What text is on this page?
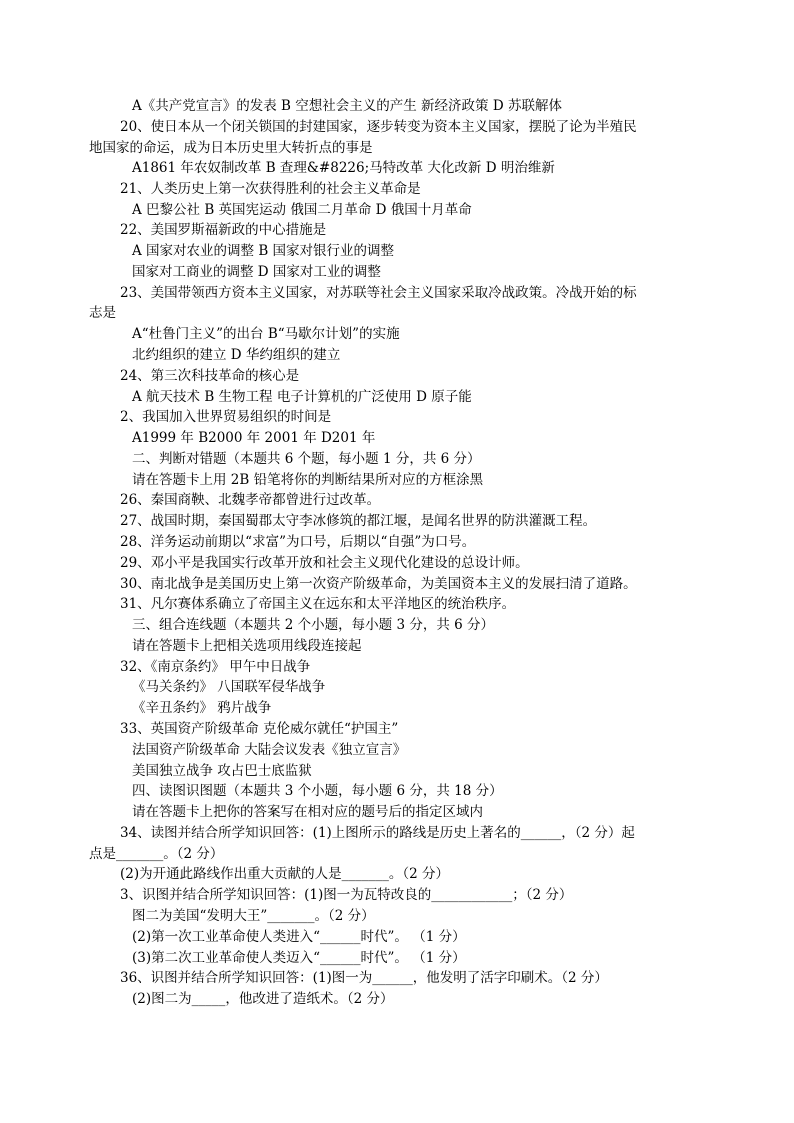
A《共产党宣言》的发表 B 空想社会主义的产生 新经济政策 D 苏联解体
20、使日本从一个闭关锁国的封建国家，逐步转变为资本主义国家，摆脱了论为半殖民
地国家的命运，成为日本历史里大转折点的事是
A1861 年农奴制改革 B 查理&#8226;马特改革 大化改新 D 明治维新
21、人类历史上第一次获得胜利的社会主义革命是
A 巴黎公社 B 英国宪运动 俄国二月革命 D 俄国十月革命
22、美国罗斯福新政的中心措施是
A 国家对农业的调整 B 国家对银行业的调整
国家对工商业的调整 D 国家对工业的调整
23、美国带领西方资本主义国家，对苏联等社会主义国家采取冷战政策。冷战开始的标
志是
A“杜鲁门主义”的出台 B“马歇尔计划”的实施
北约组织的建立 D 华约组织的建立
24、第三次科技革命的核心是
A 航天技术 B 生物工程 电子计算机的广泛使用 D 原子能
2、我国加入世界贸易组织的时间是
A1999 年 B2000 年 2001 年 D201 年
二、判断对错题（本题共 6 个题，每小题 1 分，共 6 分）
请在答题卡上用 2B 铅笔将你的判断结果所对应的方框涂黑
26、秦国商鞅、北魏孝帝都曾进行过改革。
27、战国时期，秦国蜀郡太守李冰修筑的都江堰，是闻名世界的防洪灌溉工程。
28、洋务运动前期以“求富”为口号，后期以“自强”为口号。
29、邓小平是我国实行改革开放和社会主义现代化建设的总设计师。
30、南北战争是美国历史上第一次资产阶级革命，为美国资本主义的发展扫清了道路。
31、凡尔赛体系确立了帝国主义在远东和太平洋地区的统治秩序。
三、组合连线题（本题共 2 个小题，每小题 3 分，共 6 分）
请在答题卡上把相关选项用线段连接起
32、《南京条约》 甲午中日战争
《马关条约》 八国联军侵华战争
《辛丑条约》 鸦片战争
33、英国资产阶级革命 克伦威尔就任“护国主”
法国资产阶级革命 大陆会议发表《独立宣言》
美国独立战争 攻占巴士底监狱
四、读图识图题（本题共 3 个小题，每小题 6 分，共 18 分）
请在答题卡上把你的答案写在相对应的题号后的指定区域内
34、读图并结合所学知识回答：(1)上图所示的路线是历史上著名的______，（2 分）起
点是_______。（2 分）
(2)为开通此路线作出重大贡献的人是_______。（2 分）
3、识图并结合所学知识回答：(1)图一为瓦特改良的____________；（2 分）
图二为美国“发明大王”_______。（2 分）
(2)第一次工业革命使人类进入“______时代”。 （1 分）
(3)第二次工业革命使人类迈入“______时代”。 （1 分）
36、识图并结合所学知识回答：(1)图一为______，他发明了活字印刷术。（2 分）
(2)图二为_____，他改进了造纸术。（2 分）
